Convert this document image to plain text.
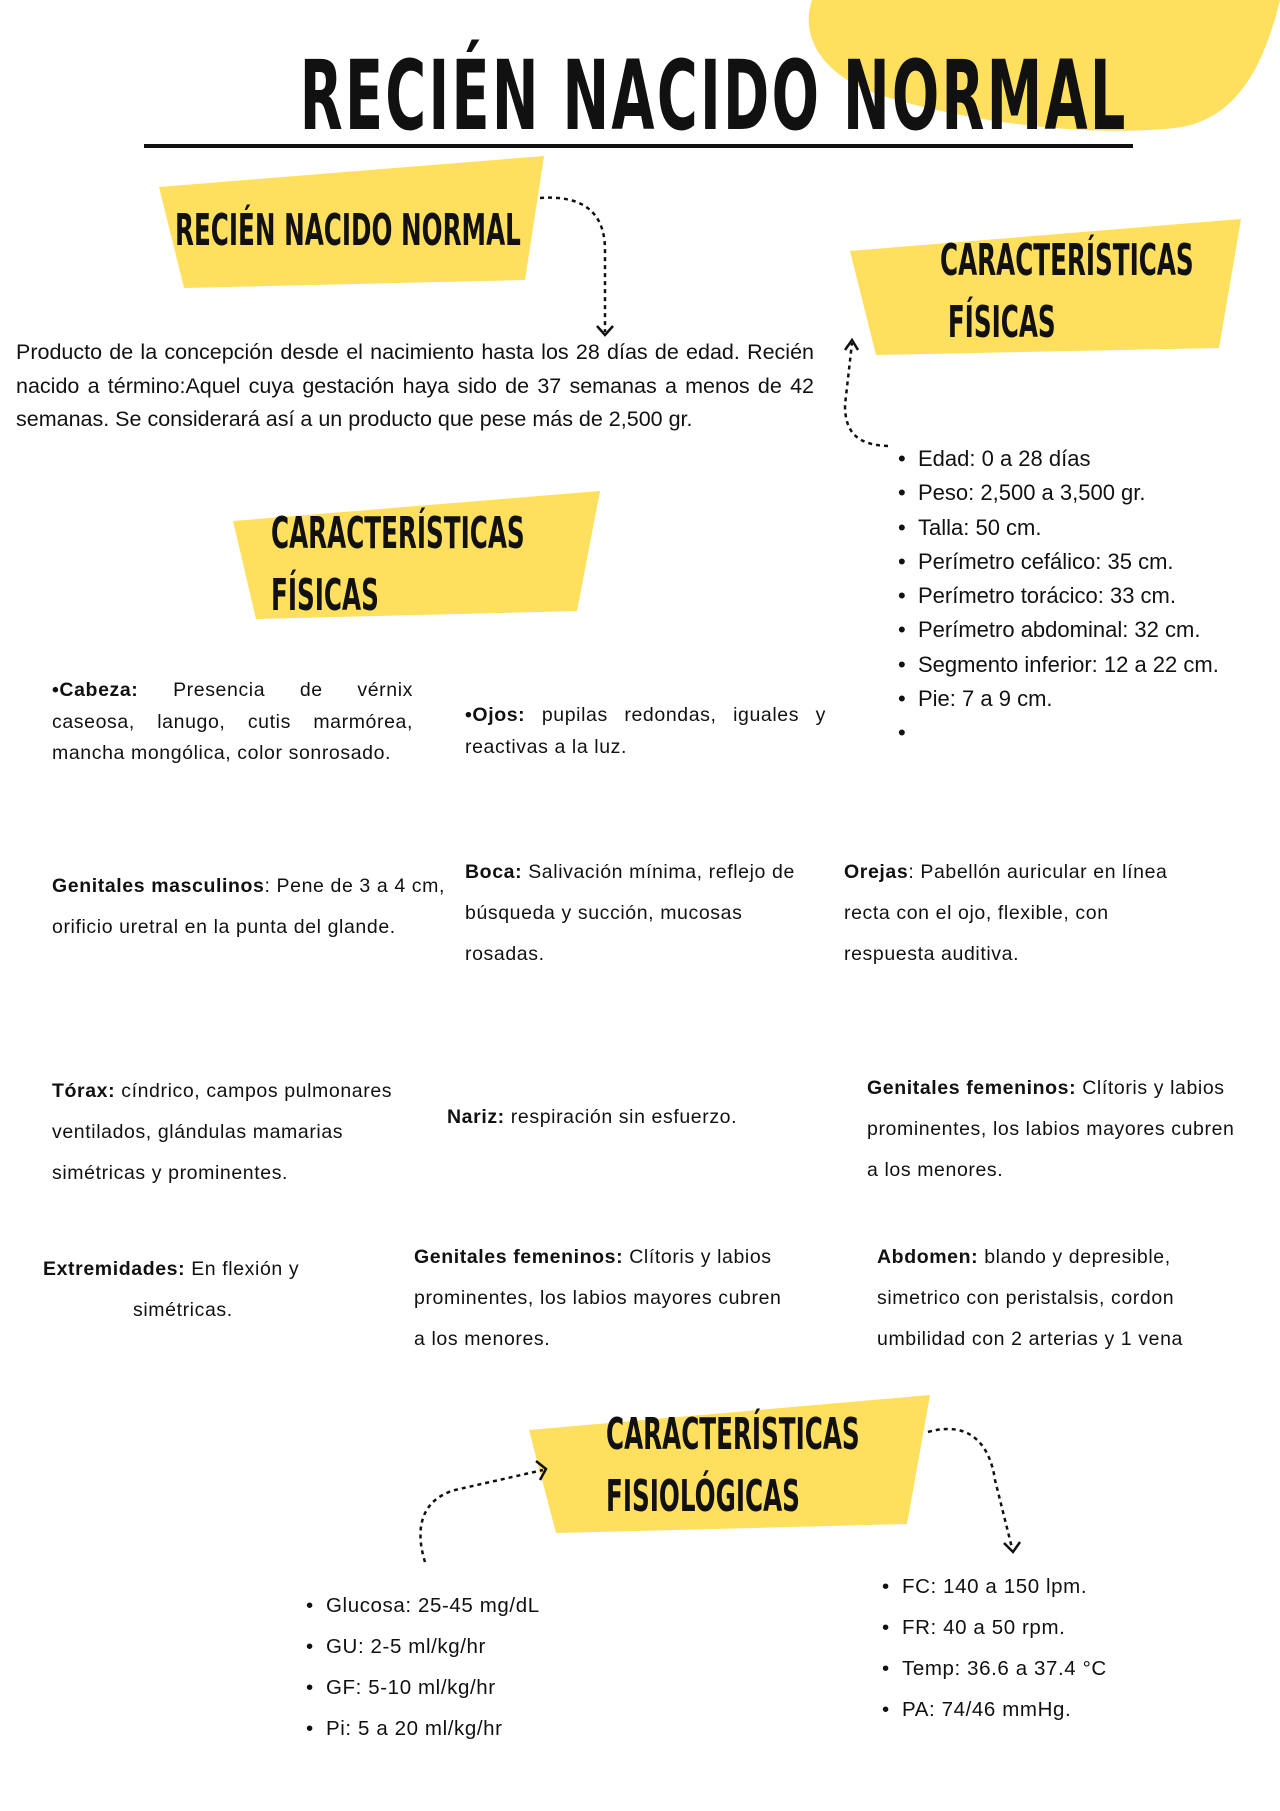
RECIÉN NACIDO NORMAL
RECIÉN NACIDO NORMAL
CARACTERÍSTICAS
FÍSICAS
Producto de la concepción desde el nacimiento hasta los 28 días de edad. Recién nacido a término:Aquel cuya gestación haya sido de 37 semanas a menos de 42 semanas. Se considerará así a un producto que pese más de 2,500 gr.
• Edad: 0 a 28 días
• Peso: 2,500 a 3,500 gr.
• Talla: 50 cm.
• Perímetro cefálico: 35 cm.
• Perímetro torácico: 33 cm.
• Perímetro abdominal: 32 cm.
• Segmento inferior: 12 a 22 cm.
• Pie: 7 a 9 cm.
•
CARACTERÍSTICAS
FÍSICAS
•Cabeza: Presencia de vérnix caseosa, lanugo, cutis marmórea, mancha mongólica, color sonrosado.
•Ojos: pupilas redondas, iguales y reactivas a la luz.
Genitales masculinos: Pene de 3 a 4 cm, orificio uretral en la punta del glande.
Boca: Salivación mínima, reflejo de búsqueda y succión, mucosas rosadas.
Orejas: Pabellón auricular en línea recta con el ojo, flexible, con respuesta auditiva.
Tórax: cíndrico, campos pulmonares ventilados, glándulas mamarias simétricas y prominentes.
Nariz: respiración sin esfuerzo.
Genitales femeninos: Clítoris y labios prominentes, los labios mayores cubren a los menores.
Extremidades: En flexión y
simétricas.
Genitales femeninos: Clítoris y labios prominentes, los labios mayores cubren a los menores.
Abdomen: blando y depresible, simetrico con peristalsis, cordon umbilidad con 2 arterias y 1 vena
CARACTERÍSTICAS
FISIOLÓGICAS
• Glucosa: 25-45 mg/dL
• GU: 2-5 ml/kg/hr
• GF: 5-10 ml/kg/hr
• Pi: 5 a 20 ml/kg/hr
• FC: 140 a 150 lpm.
• FR: 40 a 50 rpm.
• Temp: 36.6 a 37.4 °C
• PA: 74/46 mmHg.
